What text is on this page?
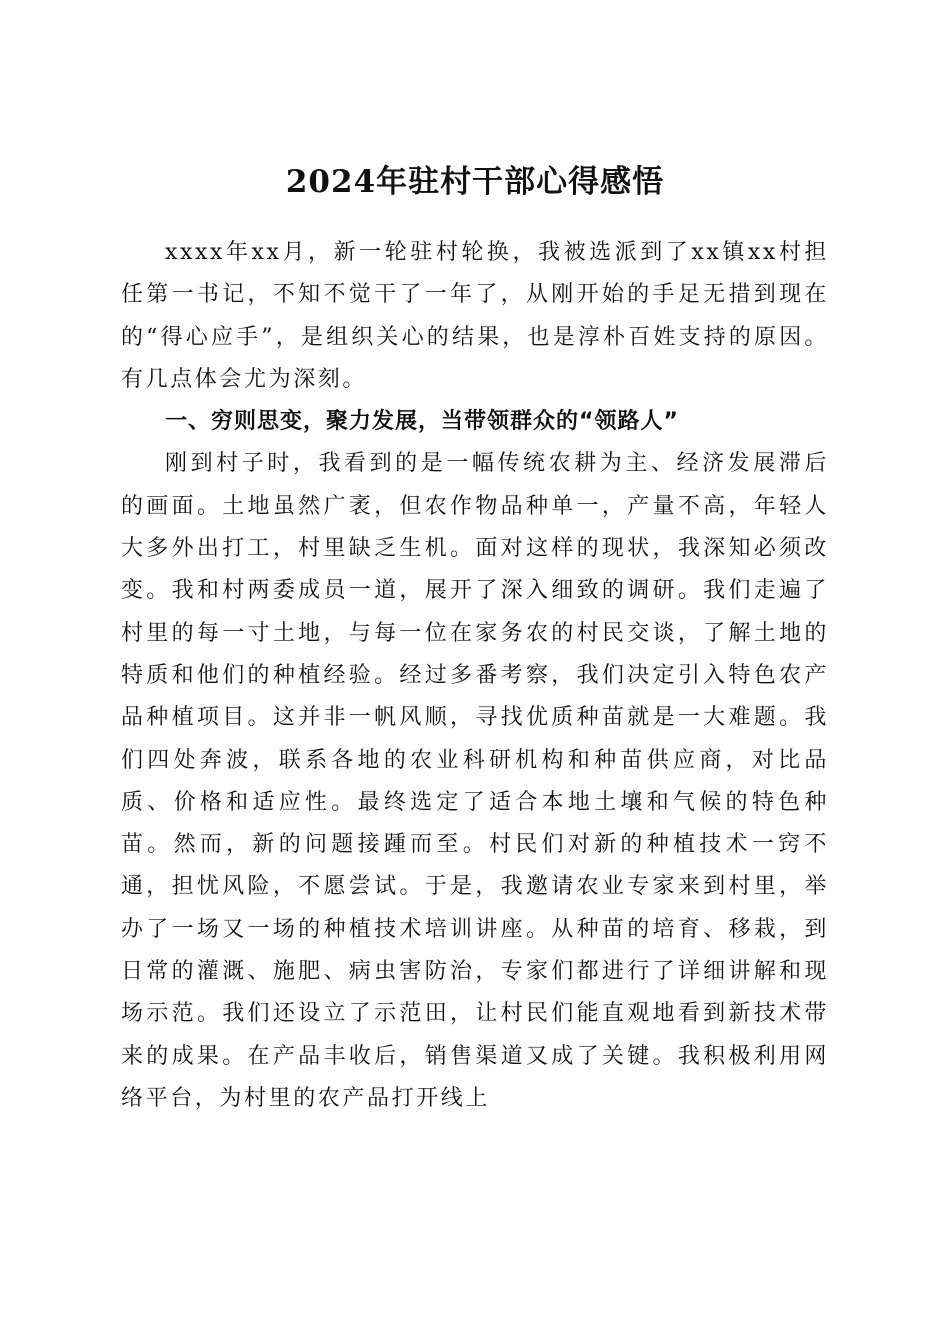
2024年驻村干部心得感悟

xxxx年xx月，新一轮驻村轮换，我被选派到了xx镇xx村担任第一书记，不知不觉干了一年了，从刚开始的手足无措到现在的“得心应手”，是组织关心的结果，也是淳朴百姓支持的原因。有几点体会尤为深刻。

一、穷则思变，聚力发展，当带领群众的“领路人”

刚到村子时，我看到的是一幅传统农耕为主、经济发展滞后的画面。土地虽然广袤，但农作物品种单一，产量不高，年轻人大多外出打工，村里缺乏生机。面对这样的现状，我深知必须改变。我和村两委成员一道，展开了深入细致的调研。我们走遍了村里的每一寸土地，与每一位在家务农的村民交谈，了解土地的特质和他们的种植经验。经过多番考察，我们决定引入特色农产品种植项目。这并非一帆风顺，寻找优质种苗就是一大难题。我们四处奔波，联系各地的农业科研机构和种苗供应商，对比品质、价格和适应性。最终选定了适合本地土壤和气候的特色种苗。然而，新的问题接踵而至。村民们对新的种植技术一窍不通，担忧风险，不愿尝试。于是，我邀请农业专家来到村里，举办了一场又一场的种植技术培训讲座。从种苗的培育、移栽，到日常的灌溉、施肥、病虫害防治，专家们都进行了详细讲解和现场示范。我们还设立了示范田，让村民们能直观地看到新技术带来的成果。在产品丰收后，销售渠道又成了关键。我积极利用网络平台，为村里的农产品打开线上
